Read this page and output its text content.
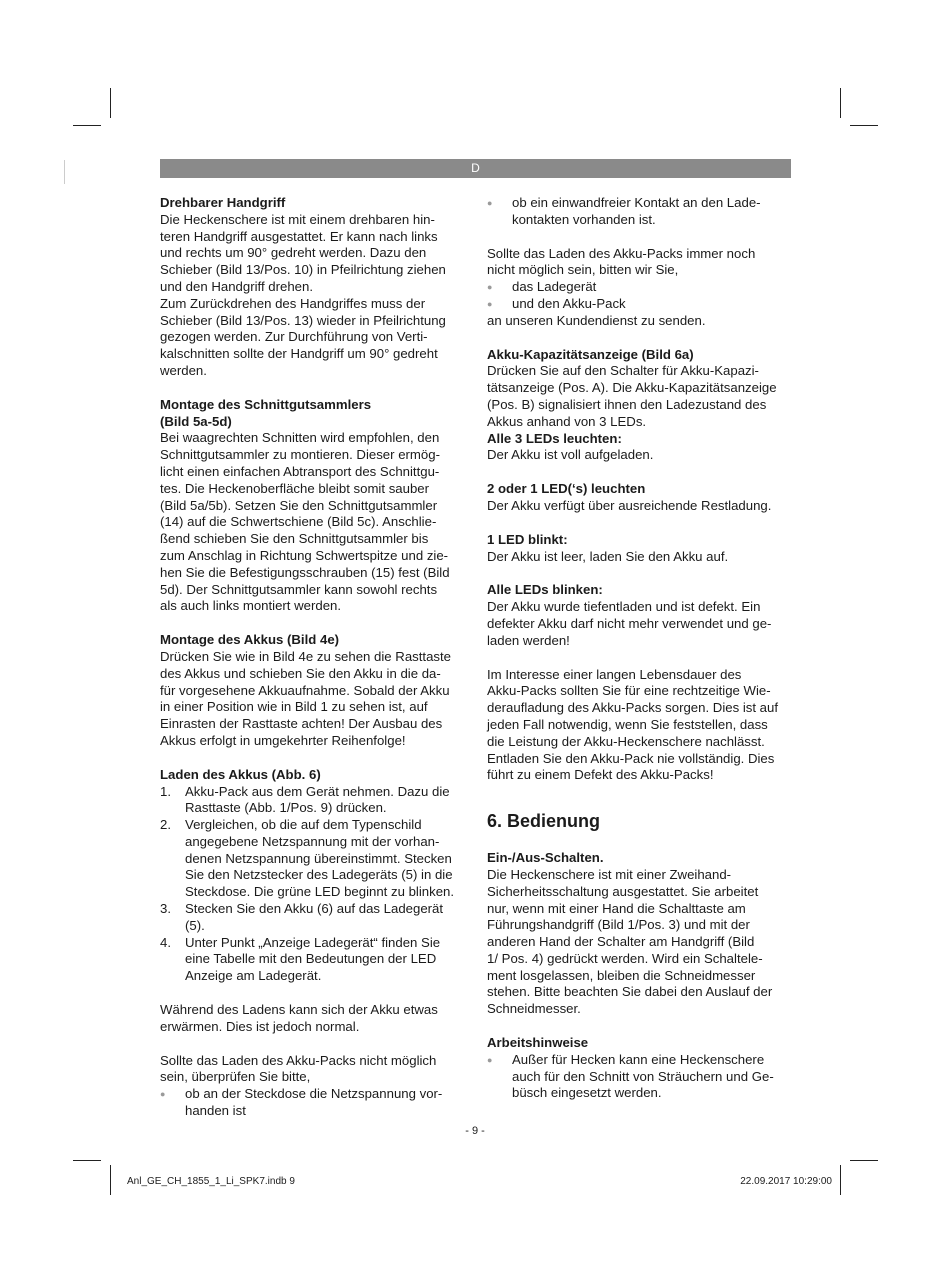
D

Drehbarer Handgriff

Die Heckenschere ist mit einem drehbaren hin-

teren Handgriff ausgestattet. Er kann nach links

und rechts um 90° gedreht werden. Dazu den

Schieber (Bild 13/Pos. 10) in Pfeilrichtung ziehen

und den Handgriff drehen.

Zum Zurückdrehen des Handgriffes muss der

Schieber (Bild 13/Pos. 13) wieder in Pfeilrichtung

gezogen werden. Zur Durchführung von Verti-

kalschnitten sollte der Handgriff um 90° gedreht

werden.

Montage des Schnittgutsammlers

(Bild 5a-5d)

Bei waagrechten Schnitten wird empfohlen, den

Schnittgutsammler zu montieren. Dieser ermög-

licht einen einfachen Abtransport des Schnittgu-

tes. Die Heckenoberfläche bleibt somit sauber

(Bild 5a/5b). Setzen Sie den Schnittgutsammler

(14) auf die Schwertschiene (Bild 5c). Anschlie-

ßend schieben Sie den Schnittgutsammler bis

zum Anschlag in Richtung Schwertspitze und zie-

hen Sie die Befestigungsschrauben (15) fest (Bild

5d). Der Schnittgutsammler kann sowohl rechts

als auch links montiert werden.

Montage des Akkus (Bild 4e)

Drücken Sie wie in Bild 4e zu sehen die Rasttaste

des Akkus und schieben Sie den Akku in die da-

für vorgesehene Akkuaufnahme. Sobald der Akku

in einer Position wie in Bild 1 zu sehen ist, auf

Einrasten der Rasttaste achten! Der Ausbau des

Akkus erfolgt in umgekehrter Reihenfolge!

Laden des Akkus (Abb. 6)

1. Akku-Pack aus dem Gerät nehmen. Dazu die

Rasttaste (Abb. 1/Pos. 9) drücken.

2. Vergleichen, ob die auf dem Typenschild

angegebene Netzspannung mit der vorhan-

denen Netzspannung übereinstimmt. Stecken

Sie den Netzstecker des Ladegeräts (5) in die

Steckdose. Die grüne LED beginnt zu blinken.

3. Stecken Sie den Akku (6) auf das Ladegerät

(5).

4. Unter Punkt „Anzeige Ladegerät“ finden Sie

eine Tabelle mit den Bedeutungen der LED

Anzeige am Ladegerät.

Während des Ladens kann sich der Akku etwas

erwärmen. Dies ist jedoch normal.

Sollte das Laden des Akku-Packs nicht möglich

sein, überprüfen Sie bitte,

● ob an der Steckdose die Netzspannung vor-

handen ist

● ob ein einwandfreier Kontakt an den Lade-

kontakten vorhanden ist.

Sollte das Laden des Akku-Packs immer noch

nicht möglich sein, bitten wir Sie,

● das Ladegerät

● und den Akku-Pack

an unseren Kundendienst zu senden.

Akku-Kapazitätsanzeige (Bild 6a)

Drücken Sie auf den Schalter für Akku-Kapazi-

tätsanzeige (Pos. A). Die Akku-Kapazitätsanzeige

(Pos. B) signalisiert ihnen den Ladezustand des

Akkus anhand von 3 LEDs.

Alle 3 LEDs leuchten:

Der Akku ist voll aufgeladen.

2 oder 1 LED(‘s) leuchten

Der Akku verfügt über ausreichende Restladung.

1 LED blinkt:

Der Akku ist leer, laden Sie den Akku auf.

Alle LEDs blinken:

Der Akku wurde tiefentladen und ist defekt. Ein

defekter Akku darf nicht mehr verwendet und ge-

laden werden!

Im Interesse einer langen Lebensdauer des

Akku-Packs sollten Sie für eine rechtzeitige Wie-

deraufladung des Akku-Packs sorgen. Dies ist auf

jeden Fall notwendig, wenn Sie feststellen, dass

die Leistung der Akku-Heckenschere nachlässt.

Entladen Sie den Akku-Pack nie vollständig. Dies

führt zu einem Defekt des Akku-Packs!

6. Bedienung

Ein-/Aus-Schalten.

Die Heckenschere ist mit einer Zweihand-

Sicherheitsschaltung ausgestattet. Sie arbeitet

nur, wenn mit einer Hand die Schalttaste am

Führungshandgriff (Bild 1/Pos. 3) und mit der

anderen Hand der Schalter am Handgriff (Bild

1/ Pos. 4) gedrückt werden. Wird ein Schaltele-

ment losgelassen, bleiben die Schneidmesser

stehen. Bitte beachten Sie dabei den Auslauf der

Schneidmesser.

Arbeitshinweise

● Außer für Hecken kann eine Heckenschere

auch für den Schnitt von Sträuchern und Ge-

büsch eingesetzt werden.

- 9 -
Anl_GE_CH_1855_1_Li_SPK7.indb 9	22.09.2017 10:29:00
